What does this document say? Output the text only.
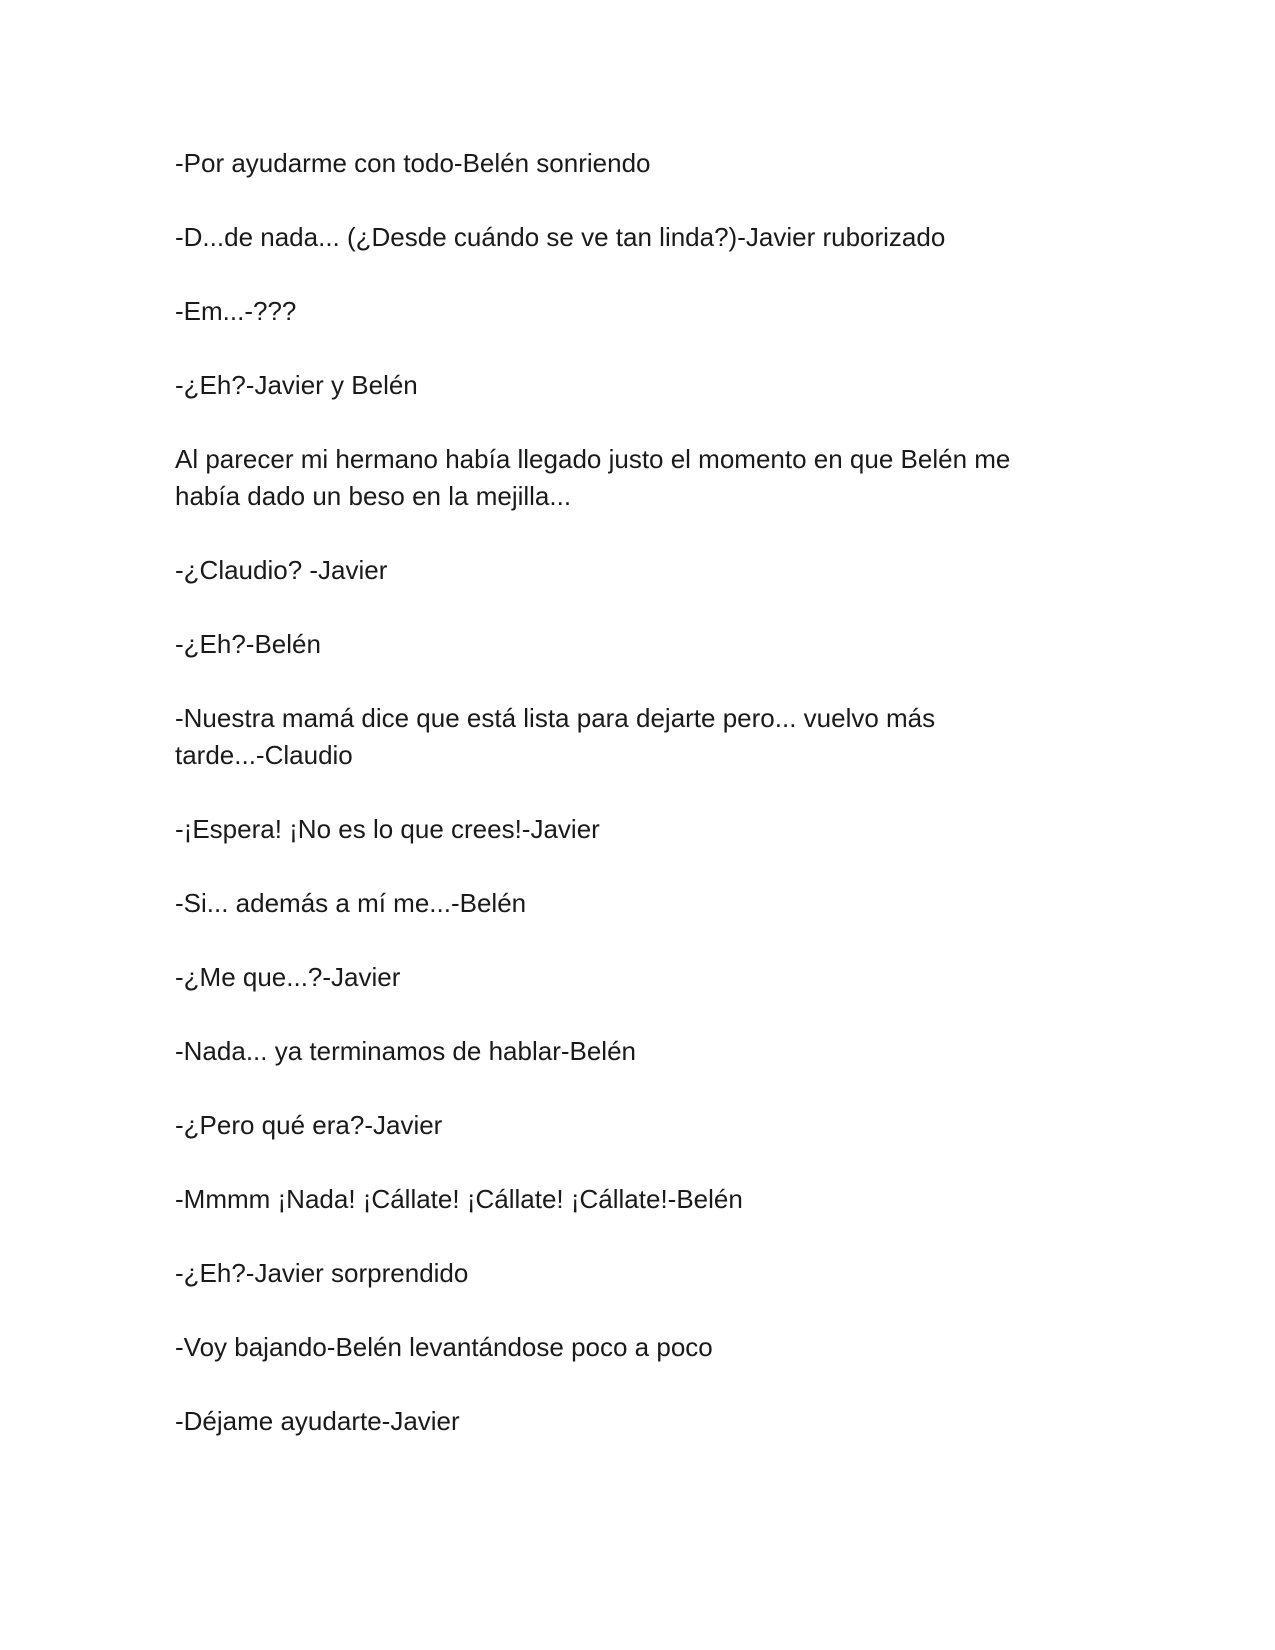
-Por ayudarme con todo-Belén sonriendo

-D...de nada... (¿Desde cuándo se ve tan linda?)-Javier ruborizado

-Em...-???

-¿Eh?-Javier y Belén

Al parecer mi hermano había llegado justo el momento en que Belén me había dado un beso en la mejilla...

-¿Claudio? -Javier

-¿Eh?-Belén

-Nuestra mamá dice que está lista para dejarte pero... vuelvo más tarde...-Claudio

-¡Espera! ¡No es lo que crees!-Javier

-Si... además a mí me...-Belén

-¿Me que...?-Javier

-Nada... ya terminamos de hablar-Belén

-¿Pero qué era?-Javier

-Mmmm ¡Nada! ¡Cállate! ¡Cállate! ¡Cállate!-Belén

-¿Eh?-Javier sorprendido

-Voy bajando-Belén levantándose poco a poco

-Déjame ayudarte-Javier
